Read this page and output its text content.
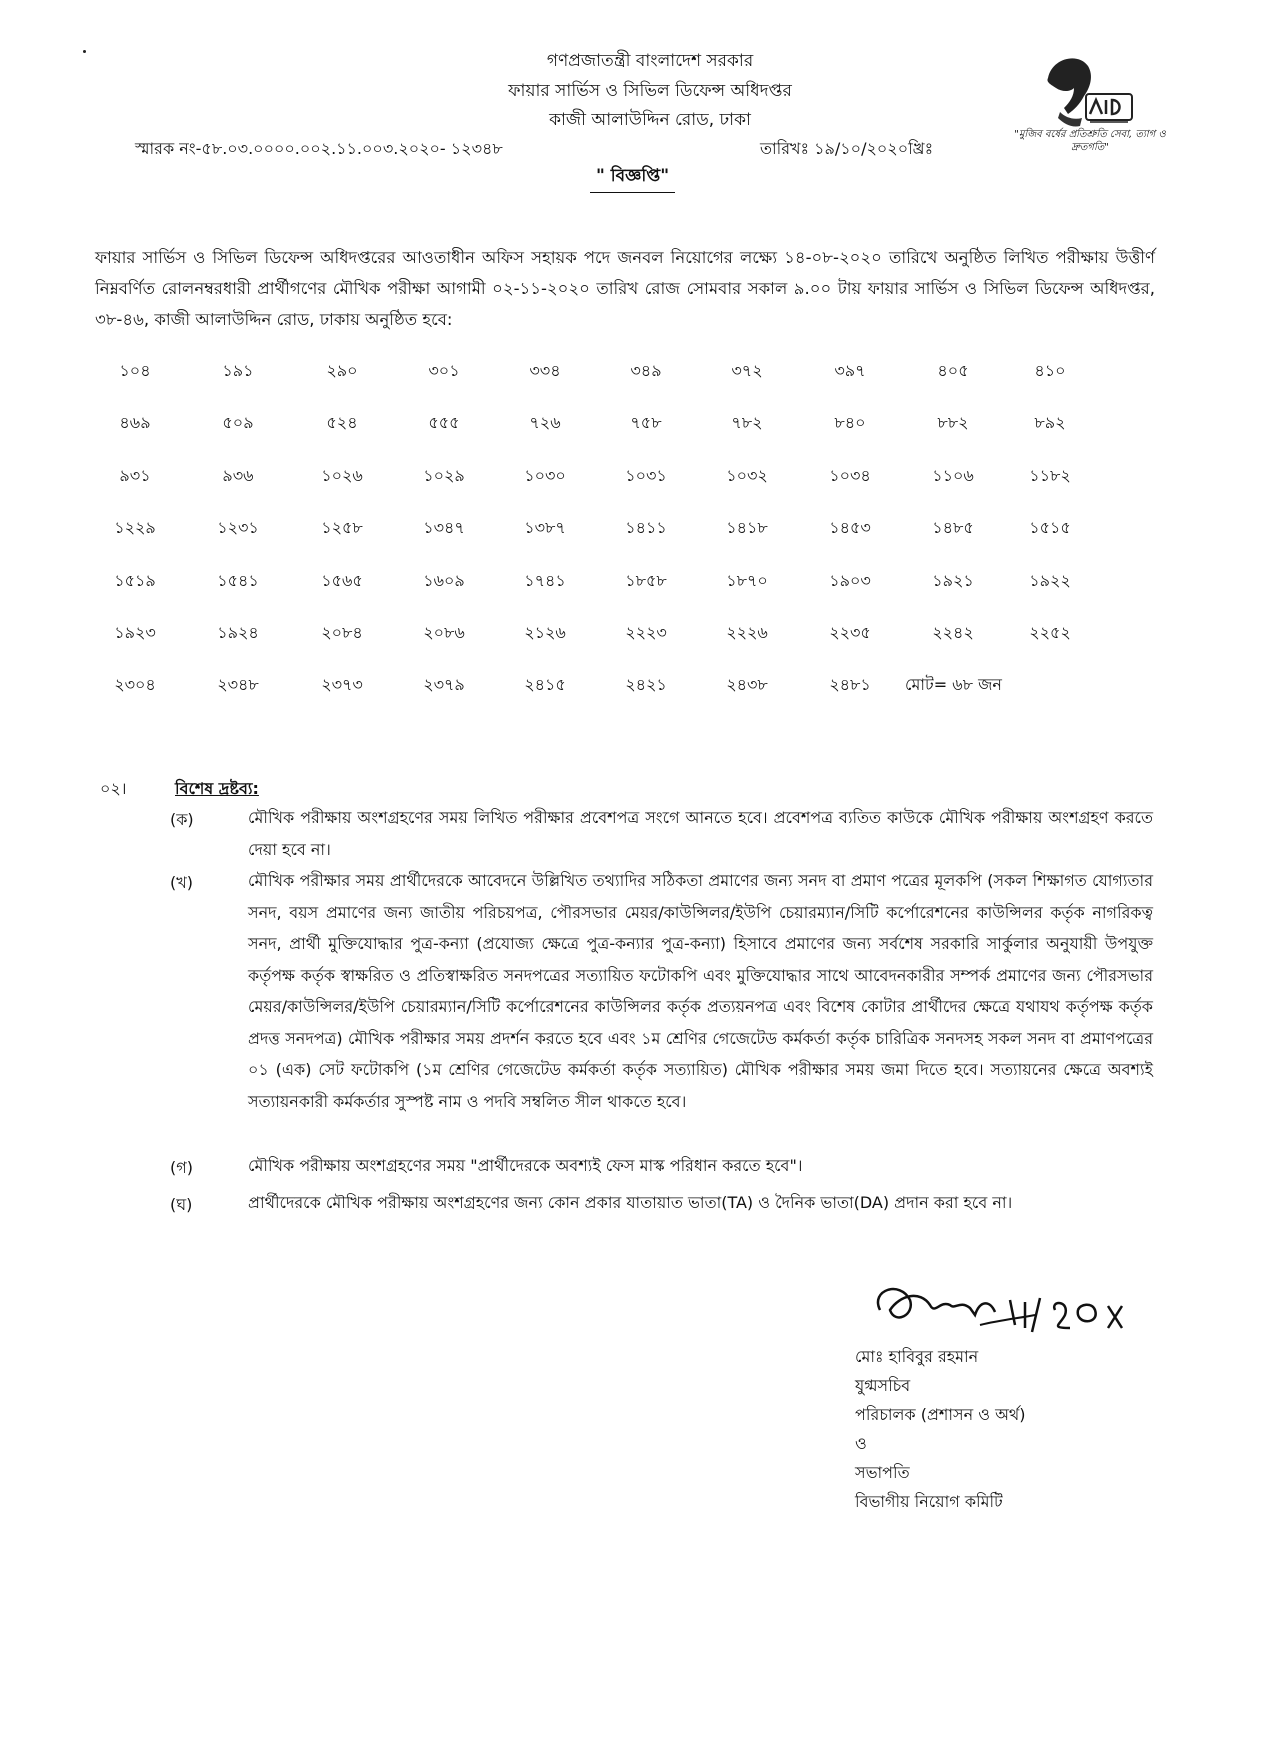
গণপ্রজাতন্ত্রী বাংলাদেশ সরকার
ফায়ার সার্ভিস ও সিভিল ডিফেন্স অধিদপ্তর
কাজী আলাউদ্দিন রোড, ঢাকা
"মুজিব বর্ষের প্রতিশ্রুতি সেবা, ত্যাগ ও দ্রুতগতি"
স্মারক নং-৫৮.০৩.০০০০.০০২.১১.০০৩.২০২০- ১২৩৪৮	তারিখঃ ১৯/১০/২০২০খ্রিঃ
" বিজ্ঞপ্তি"
ফায়ার সার্ভিস ও সিভিল ডিফেন্স অধিদপ্তরের আওতাধীন অফিস সহায়ক পদে জনবল নিয়োগের লক্ষ্যে ১৪-০৮-২০২০ তারিখে অনুষ্ঠিত লিখিত পরীক্ষায় উত্তীর্ণ নিম্নবর্ণিত রোলনম্বরধারী প্রার্থীগণের মৌখিক পরীক্ষা আগামী ০২-১১-২০২০ তারিখ রোজ সোমবার সকাল ৯.০০ টায় ফায়ার সার্ভিস ও সিভিল ডিফেন্স অধিদপ্তর, ৩৮-৪৬, কাজী আলাউদ্দিন রোড, ঢাকায় অনুষ্ঠিত হবে:
১০৪	১৯১	২৯০	৩০১	৩৩৪	৩৪৯	৩৭২	৩৯৭	৪০৫	৪১০
৪৬৯	৫০৯	৫২৪	৫৫৫	৭২৬	৭৫৮	৭৮২	৮৪০	৮৮২	৮৯২
৯৩১	৯৩৬	১০২৬	১০২৯	১০৩০	১০৩১	১০৩২	১০৩৪	১১০৬	১১৮২
১২২৯	১২৩১	১২৫৮	১৩৪৭	১৩৮৭	১৪১১	১৪১৮	১৪৫৩	১৪৮৫	১৫১৫
১৫১৯	১৫৪১	১৫৬৫	১৬০৯	১৭৪১	১৮৫৮	১৮৭০	১৯০৩	১৯২১	১৯২২
১৯২৩	১৯২৪	২০৮৪	২০৮৬	২১২৬	২২২৩	২২২৬	২২৩৫	২২৪২	২২৫২
২৩০৪	২৩৪৮	২৩৭৩	২৩৭৯	২৪১৫	২৪২১	২৪৩৮	২৪৮১	মোট= ৬৮ জন
০২।	বিশেষ দ্রষ্টব্য:
(ক)	মৌখিক পরীক্ষায় অংশগ্রহণের সময় লিখিত পরীক্ষার প্রবেশপত্র সংগে আনতে হবে। প্রবেশপত্র ব্যতিত কাউকে মৌখিক পরীক্ষায় অংশগ্রহণ করতে দেয়া হবে না।
(খ)	মৌখিক পরীক্ষার সময় প্রার্থীদেরকে আবেদনে উল্লিখিত তথ্যাদির সঠিকতা প্রমাণের জন্য সনদ বা প্রমাণ পত্রের মূলকপি (সকল শিক্ষাগত যোগ্যতার সনদ, বয়স প্রমাণের জন্য জাতীয় পরিচয়পত্র, পৌরসভার মেয়র/কাউন্সিলর/ইউপি চেয়ারম্যান/সিটি কর্পোরেশনের কাউন্সিলর কর্তৃক নাগরিকত্ব সনদ, প্রার্থী মুক্তিযোদ্ধার পুত্র-কন্যা (প্রযোজ্য ক্ষেত্রে পুত্র-কন্যার পুত্র-কন্যা) হিসাবে প্রমাণের জন্য সর্বশেষ সরকারি সার্কুলার অনুযায়ী উপযুক্ত কর্তৃপক্ষ কর্তৃক স্বাক্ষরিত ও প্রতিস্বাক্ষরিত সনদপত্রের সত্যায়িত ফটোকপি এবং মুক্তিযোদ্ধার সাথে আবেদনকারীর সম্পর্ক প্রমাণের জন্য পৌরসভার মেয়র/কাউন্সিলর/ইউপি চেয়ারম্যান/সিটি কর্পোরেশনের কাউন্সিলর কর্তৃক প্রত্যয়নপত্র এবং বিশেষ কোটার প্রার্থীদের ক্ষেত্রে যথাযথ কর্তৃপক্ষ কর্তৃক প্রদত্ত সনদপত্র) মৌখিক পরীক্ষার সময় প্রদর্শন করতে হবে এবং ১ম শ্রেণির গেজেটেড কর্মকর্তা কর্তৃক চারিত্রিক সনদসহ সকল সনদ বা প্রমাণপত্রের ০১ (এক) সেট ফটোকপি (১ম শ্রেণির গেজেটেড কর্মকর্তা কর্তৃক সত্যায়িত) মৌখিক পরীক্ষার সময় জমা দিতে হবে। সত্যায়নের ক্ষেত্রে অবশ্যই সত্যায়নকারী কর্মকর্তার সুস্পষ্ট নাম ও পদবি সম্বলিত সীল থাকতে হবে।
(গ)	মৌখিক পরীক্ষায় অংশগ্রহণের সময় "প্রার্থীদেরকে অবশ্যই ফেস মাস্ক পরিধান করতে হবে"।
(ঘ)	প্রার্থীদেরকে মৌখিক পরীক্ষায় অংশগ্রহণের জন্য কোন প্রকার যাতায়াত ভাতা(TA) ও দৈনিক ভাতা(DA) প্রদান করা হবে না।
মোঃ হাবিবুর রহমান
যুগ্মসচিব
পরিচালক (প্রশাসন ও অর্থ)
ও
সভাপতি
বিভাগীয় নিয়োগ কমিটি
